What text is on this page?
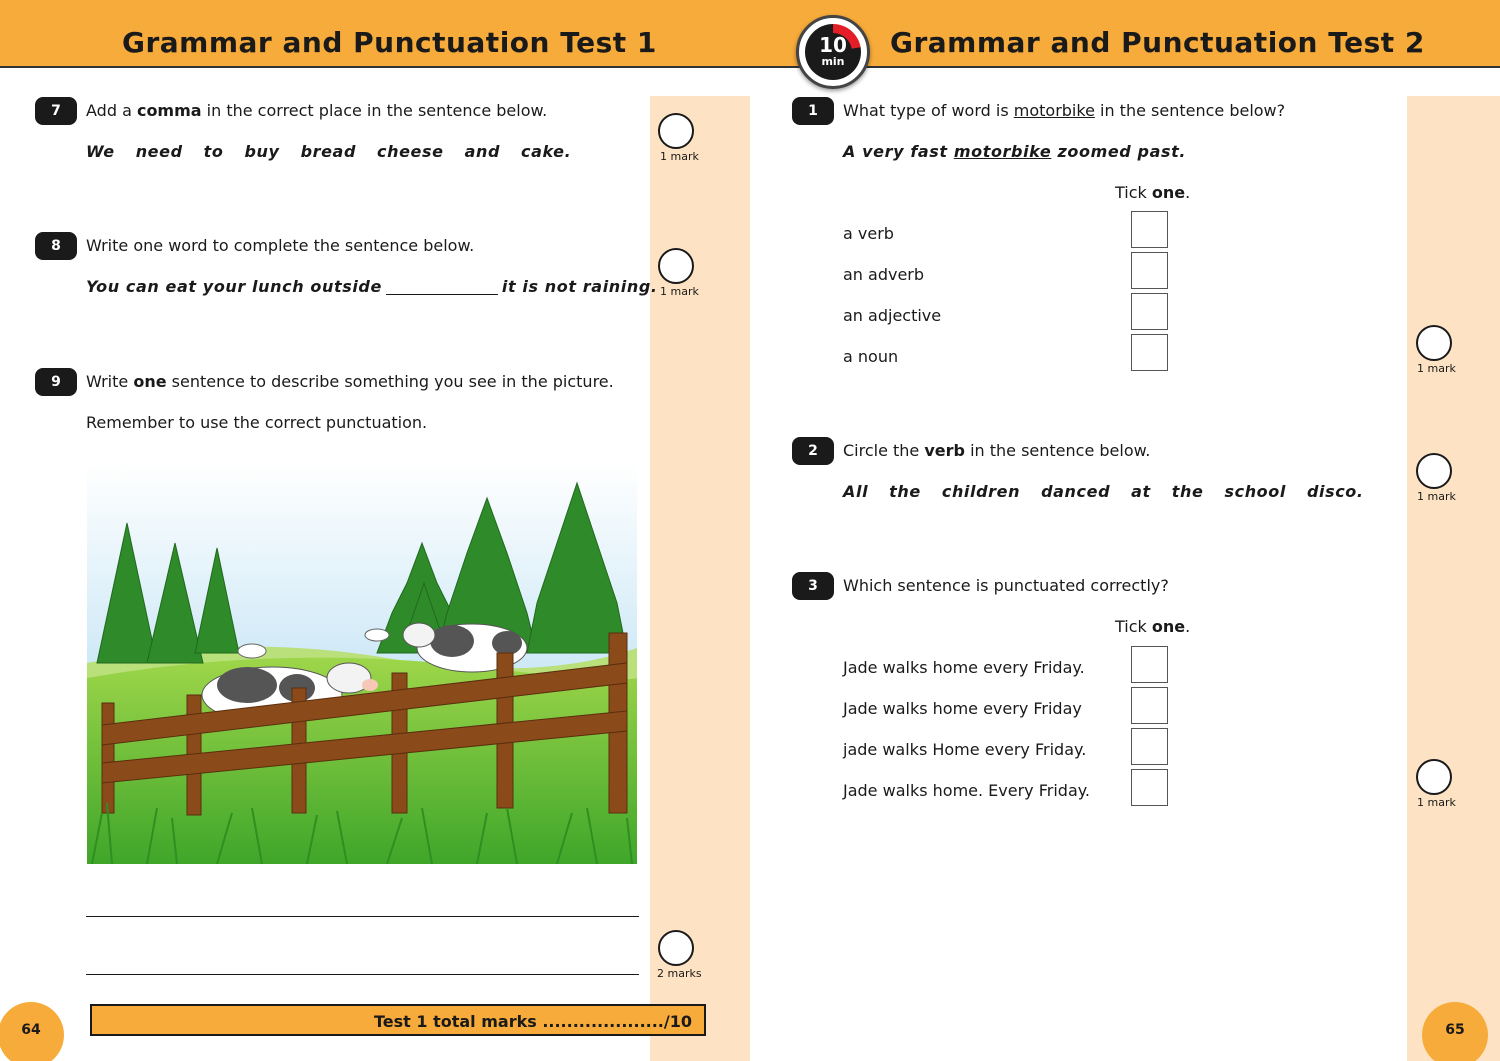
Grammar and Punctuation Test 1	Grammar and Punctuation Test 2
10
min
7	Add a comma in the correct place in the sentence below.
We need to buy bread cheese and cake.	1 mark
8	Write one word to complete the sentence below.
You can eat your lunch outside	it is not raining. 1 mark
9	Write one sentence to describe something you see in the picture.
Remember to use the correct punctuation.
2 marks
Test 1 total marks ..................../10
64
1	What type of word is motorbike in the sentence below?
A very fast motorbike zoomed past.
Tick one.
a verb
an adverb
an adjective
a noun
1 mark
2	Circle the verb in the sentence below.
All the children danced at the school disco.	1 mark
3	Which sentence is punctuated correctly?
Tick one.
Jade walks home every Friday.
Jade walks home every Friday
jade walks Home every Friday.
Jade walks home. Every Friday.
1 mark
65
